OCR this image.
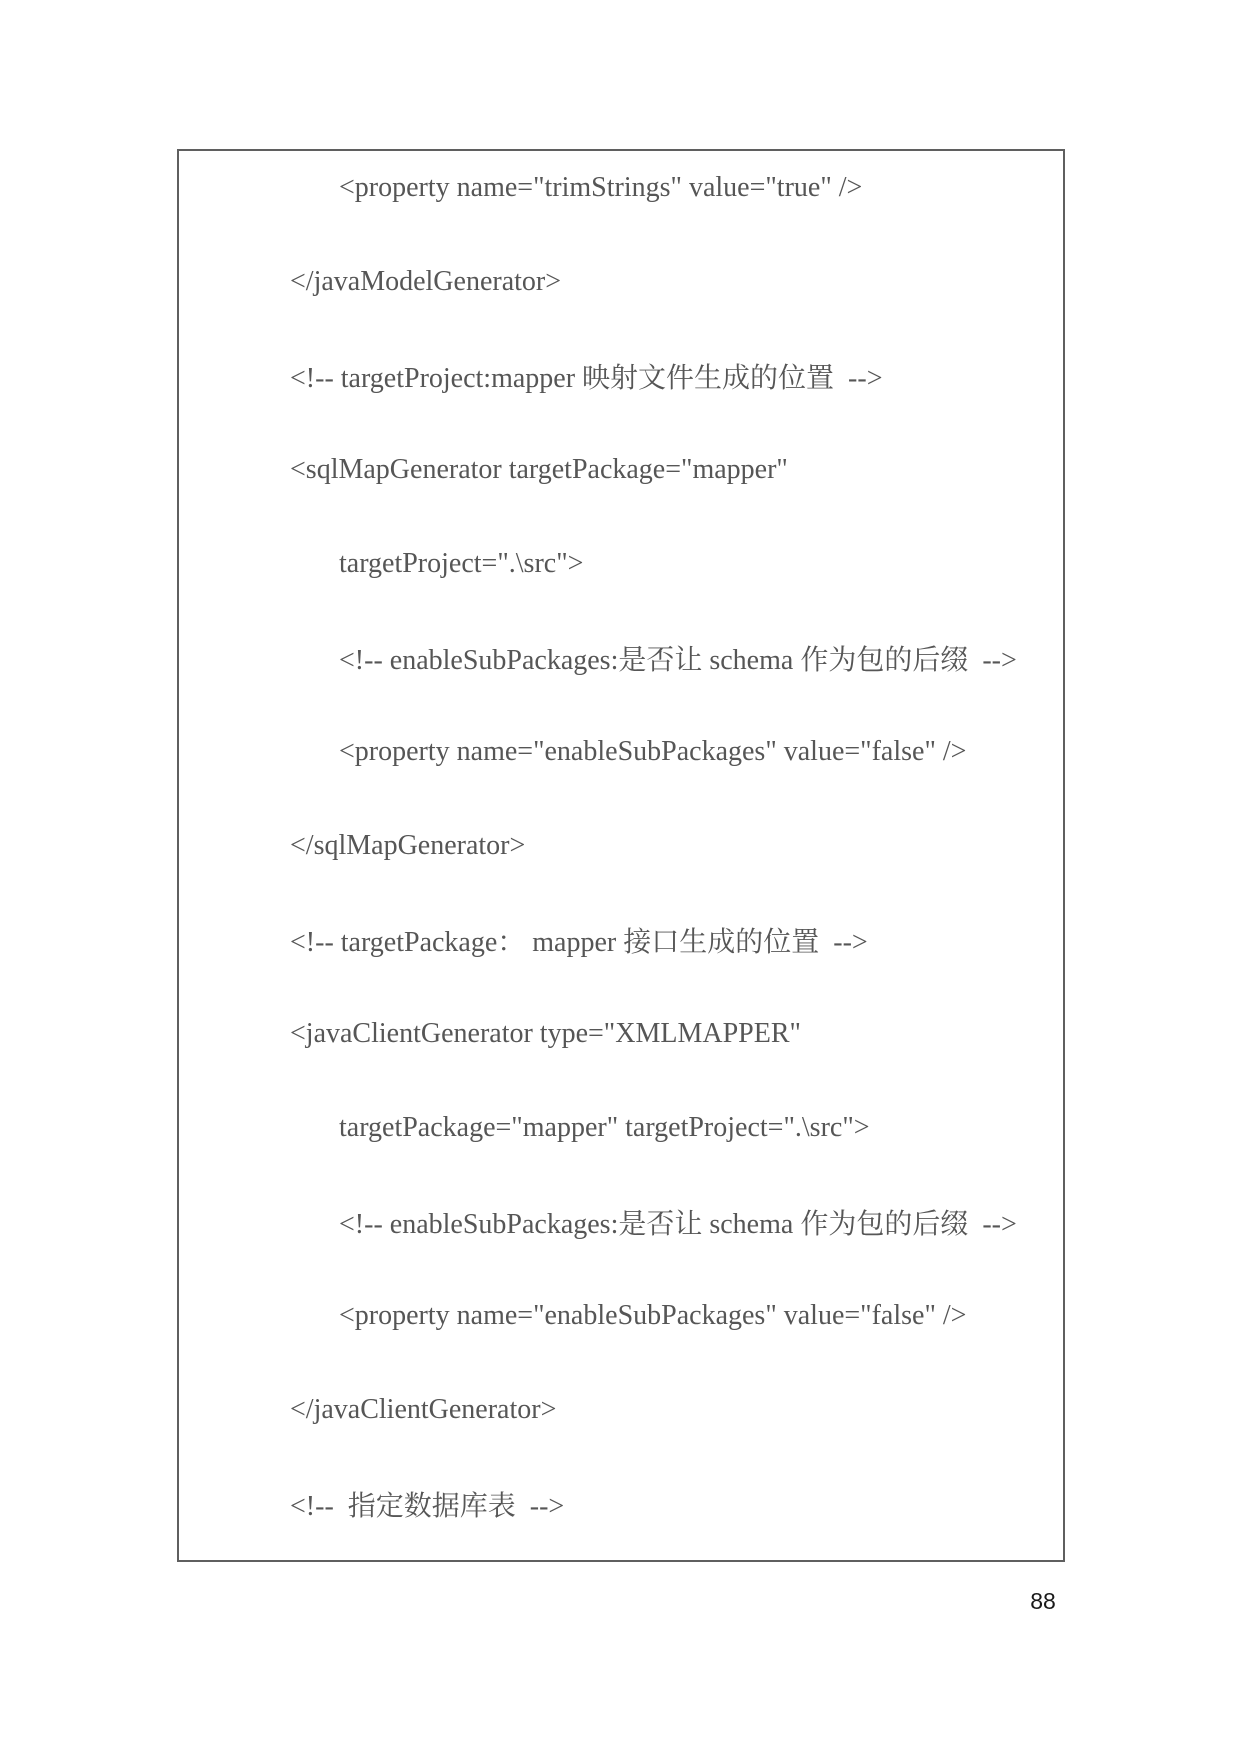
<property name="trimStrings" value="true" />
</javaModelGenerator>
<!-- targetProject:mapper 映射文件生成的位置  -->
<sqlMapGenerator targetPackage="mapper"
targetProject=".\src">
<!-- enableSubPackages:是否让 schema 作为包的后缀  -->
<property name="enableSubPackages" value="false" />
</sqlMapGenerator>
<!-- targetPackage： mapper 接口生成的位置  -->
<javaClientGenerator type="XMLMAPPER"
targetPackage="mapper" targetProject=".\src">
<!-- enableSubPackages:是否让 schema 作为包的后缀  -->
<property name="enableSubPackages" value="false" />
</javaClientGenerator>
<!--  指定数据库表  -->
88
